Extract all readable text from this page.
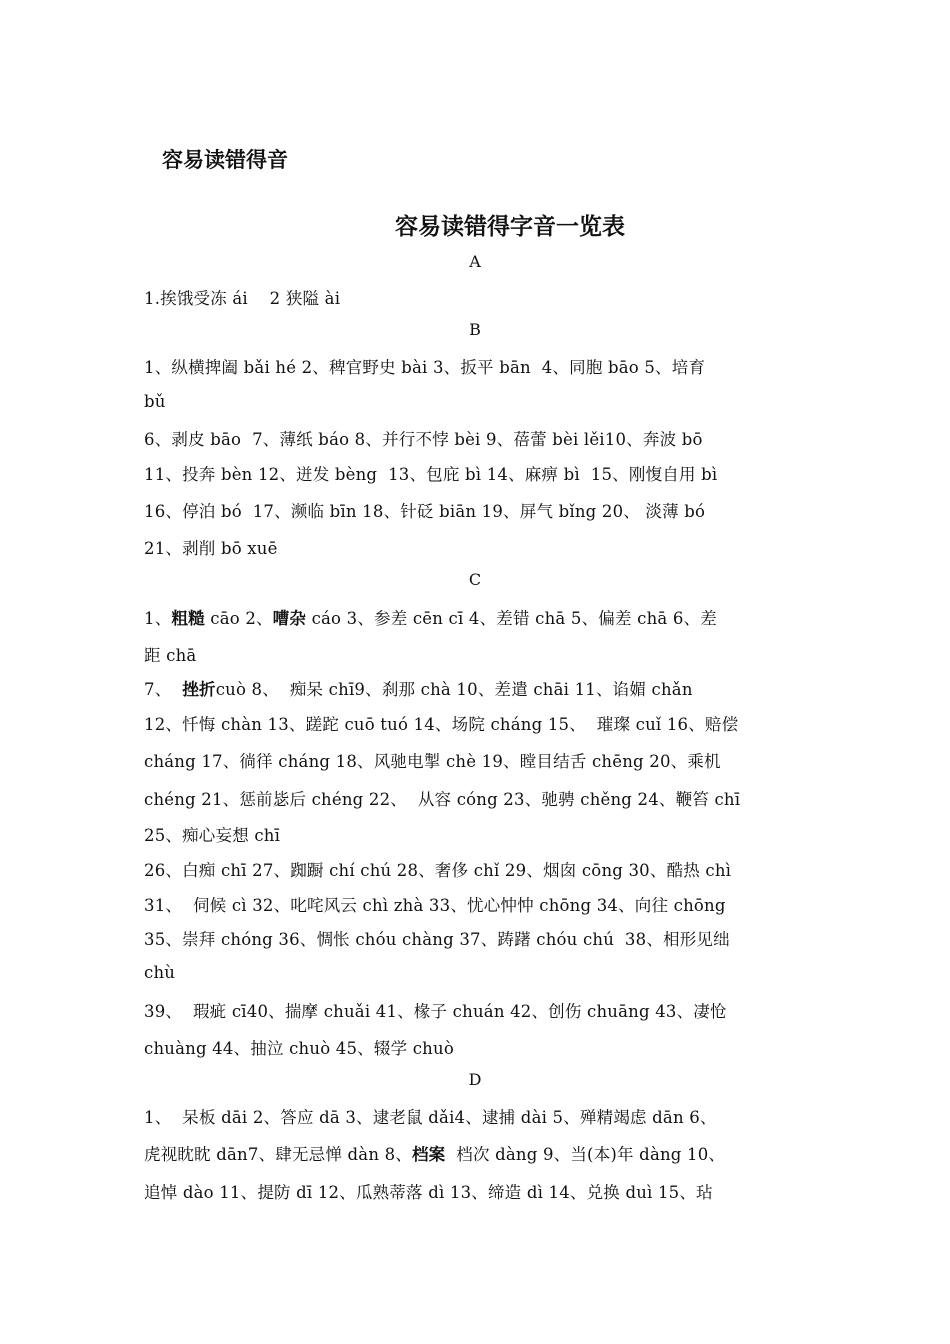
容易读错得音
容易读错得字音一览表
A
1.挨饿受冻 ái    2 狭隘 ài
B
1、纵横捭阖 bǎi hé 2、稗官野史 bài 3、扳平 bān  4、同胞 bāo 5、培育
bǔ
6、剥皮 bāo  7、薄纸 báo 8、并行不悖 bèi 9、蓓蕾 bèi lěi10、奔波 bō
11、投奔 bèn 12、迸发 bèng  13、包庇 bì 14、麻痹 bì  15、刚愎自用 bì
16、停泊 bó  17、濒临 bīn 18、针砭 biān 19、屏气 bǐng 20、 淡薄 bó
21、剥削 bō xuē
C
1、粗糙 cāo 2、嘈杂 cáo 3、参差 cēn cī 4、差错 chā 5、偏差 chā 6、差
距 chā
7、  挫折cuò 8、  痴呆 chī9、刹那 chà 10、差遣 chāi 11、谄媚 chǎn
12、忏悔 chàn 13、蹉跎 cuō tuó 14、场院 cháng 15、  璀璨 cuǐ 16、赔偿
cháng 17、徜徉 cháng 18、风驰电掣 chè 19、瞠目结舌 chēng 20、乘机
chéng 21、惩前毖后 chéng 22、  从容 cóng 23、驰骋 chěng 24、鞭笞 chī
25、痴心妄想 chī
26、白痴 chī 27、踟蹰 chí chú 28、奢侈 chǐ 29、烟囱 cōng 30、酷热 chì
31、  伺候 cì 32、叱咤风云 chì zhà 33、忧心忡忡 chōng 34、向往 chōng
35、崇拜 chóng 36、惆怅 chóu chàng 37、踌躇 chóu chú  38、相形见绌
chù
39、  瑕疵 cī40、揣摩 chuǎi 41、椽子 chuán 42、创伤 chuāng 43、凄怆
chuàng 44、抽泣 chuò 45、辍学 chuò
D
1、  呆板 dāi 2、答应 dā 3、逮老鼠 dǎi4、逮捕 dài 5、殚精竭虑 dān 6、
虎视眈眈 dān7、肆无忌惮 dàn 8、档案  档次 dàng 9、当(本)年 dàng 10、
追悼 dào 11、提防 dī 12、瓜熟蒂落 dì 13、缔造 dì 14、兑换 duì 15、玷
